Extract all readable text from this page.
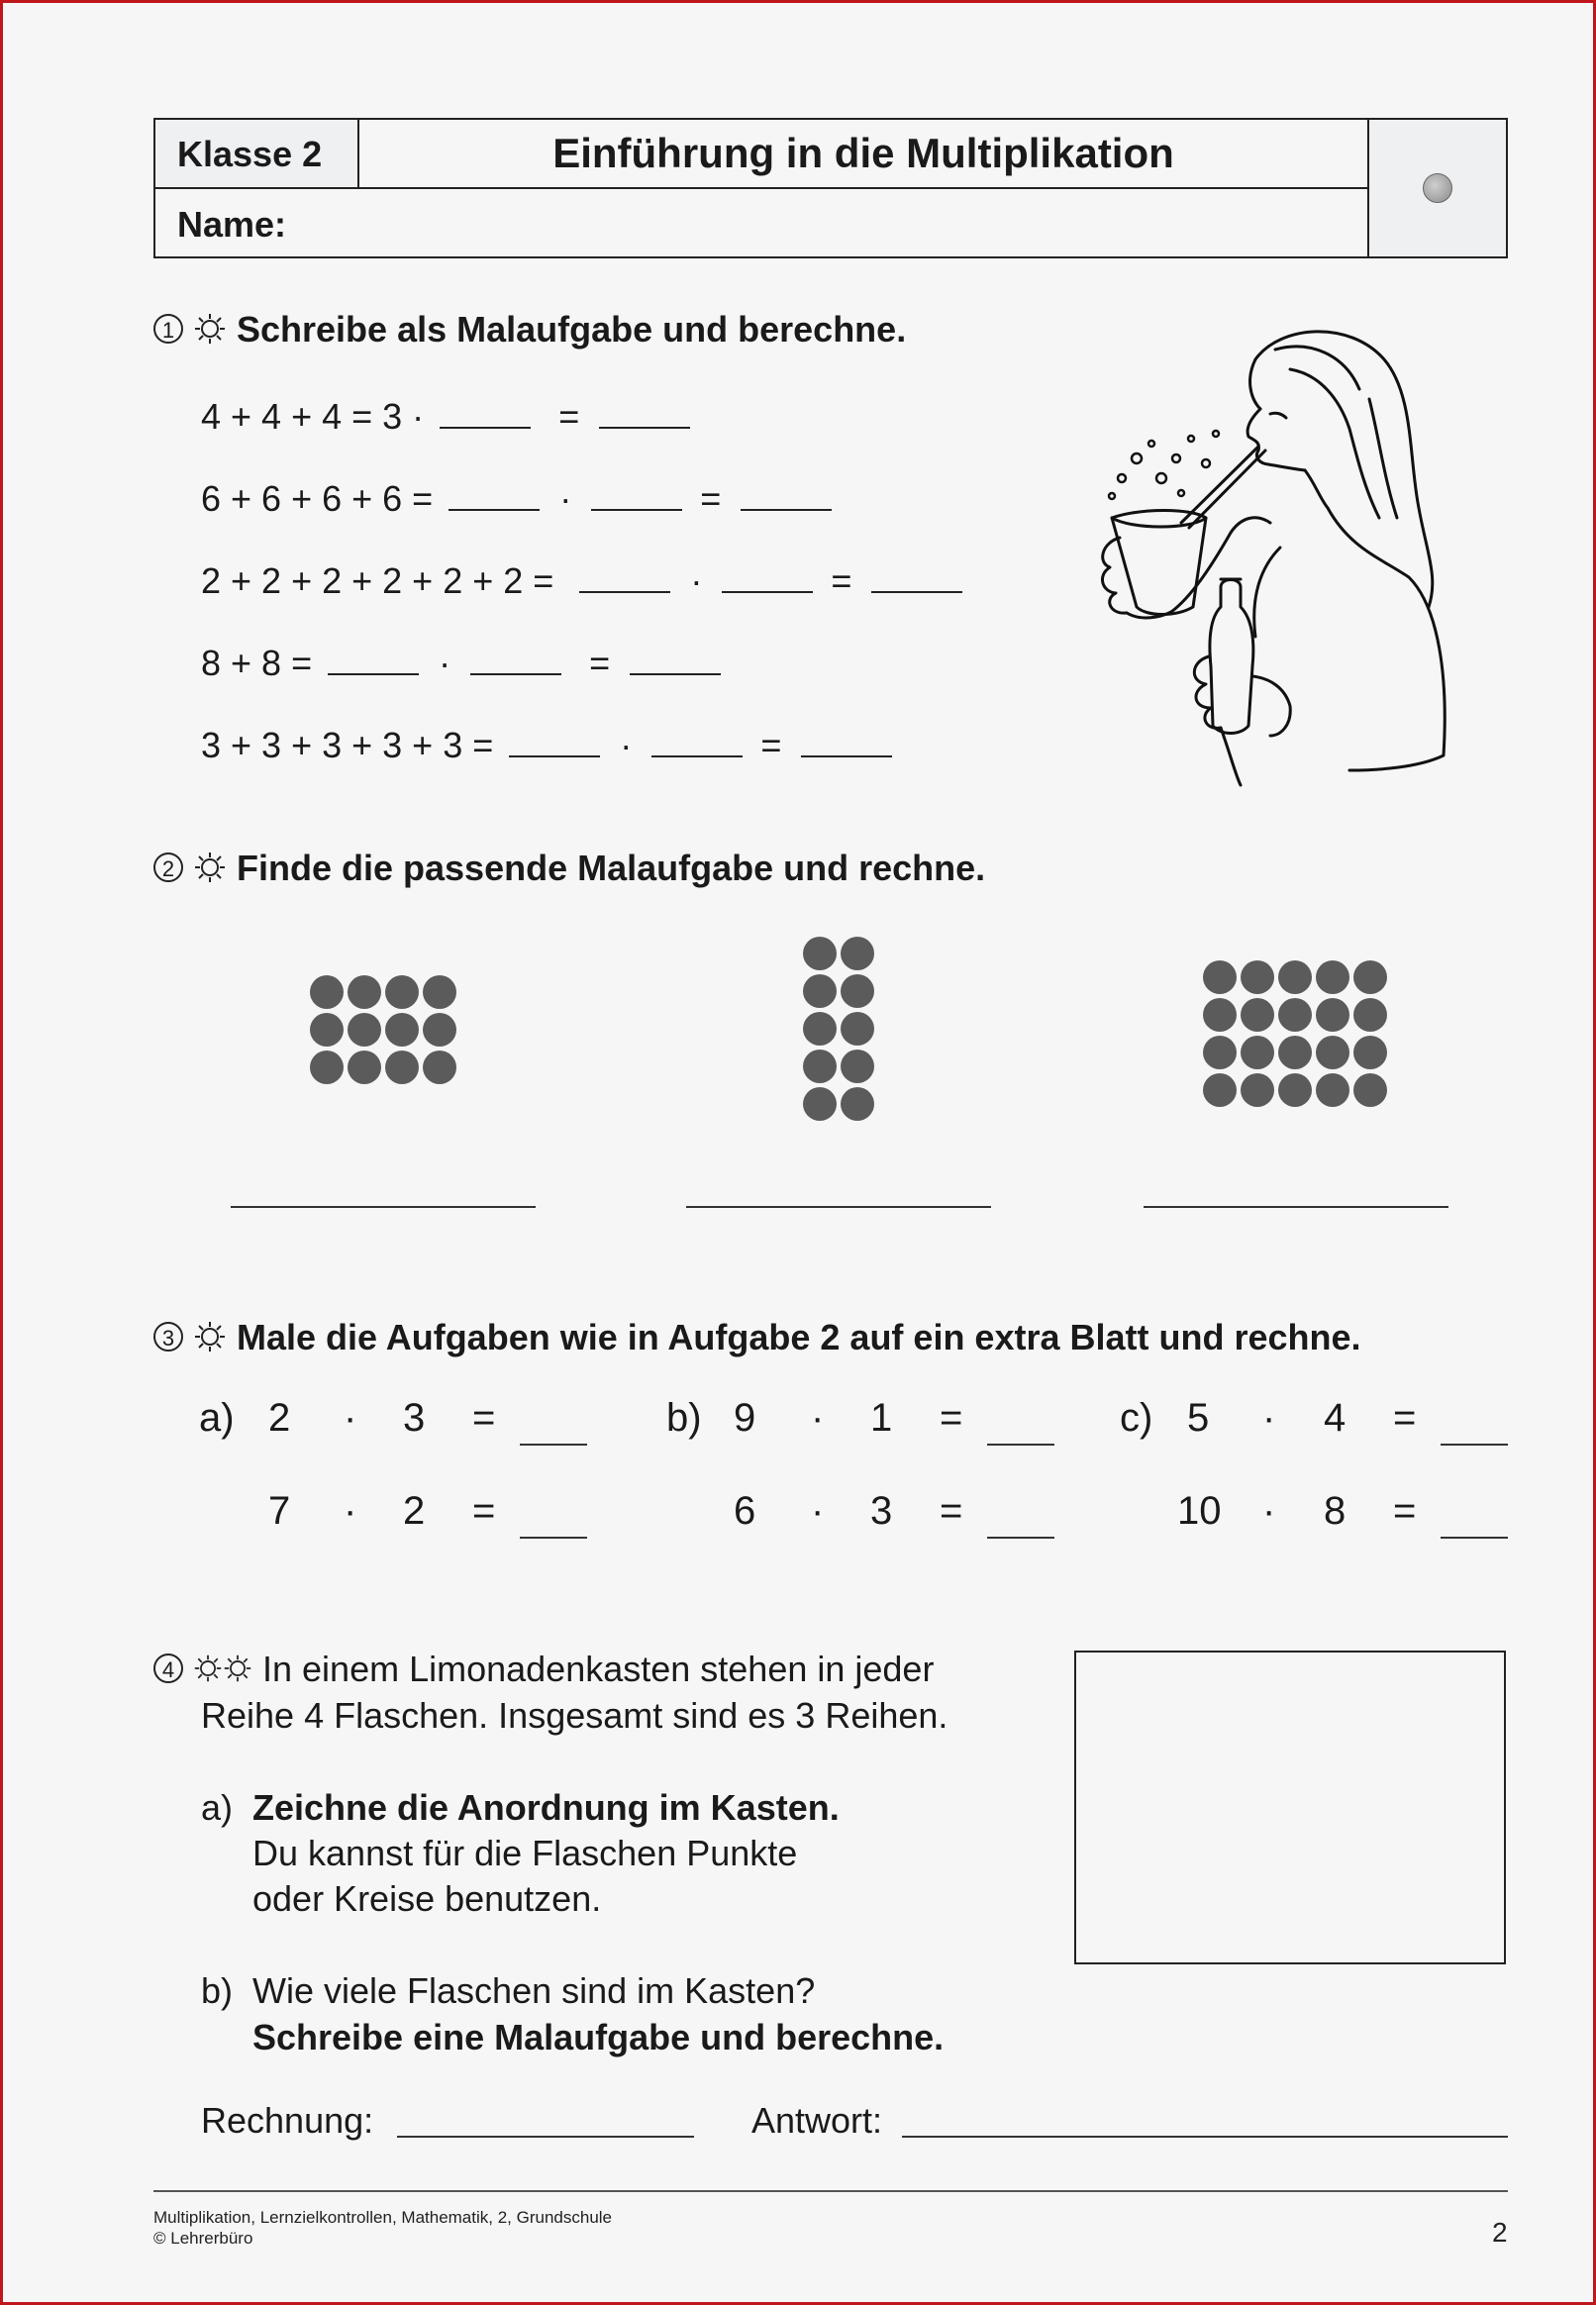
Klasse 2	Einführung in die Multiplikation
Name:
1 Schreibe als Malaufgabe und berechne.
4 + 4 + 4 = 3 ·	=
6 + 6 + 6 + 6 =	·	=
2 + 2 + 2 + 2 + 2 + 2 =	·	=
8 + 8 =	·	=
3 + 3 + 3 + 3 + 3 =	·	=
2 Finde die passende Malaufgabe und rechne.
3 Male die Aufgaben wie in Aufgabe 2 auf ein extra Blatt und rechne.
a) 2 · 3 =
7 · 2 =
b) 9 · 1 =
6 · 3 =
c) 5 · 4 =
10 · 8 =
4 In einem Limonadenkasten stehen in jeder
Reihe 4 Flaschen. Insgesamt sind es 3 Reihen.
a) Zeichne die Anordnung im Kasten.
Du kannst für die Flaschen Punkte
oder Kreise benutzen.
b) Wie viele Flaschen sind im Kasten?
Schreibe eine Malaufgabe und berechne.
Rechnung:	Antwort:
Multiplikation, Lernzielkontrollen, Mathematik, 2, Grundschule
© Lehrerbüro	2
